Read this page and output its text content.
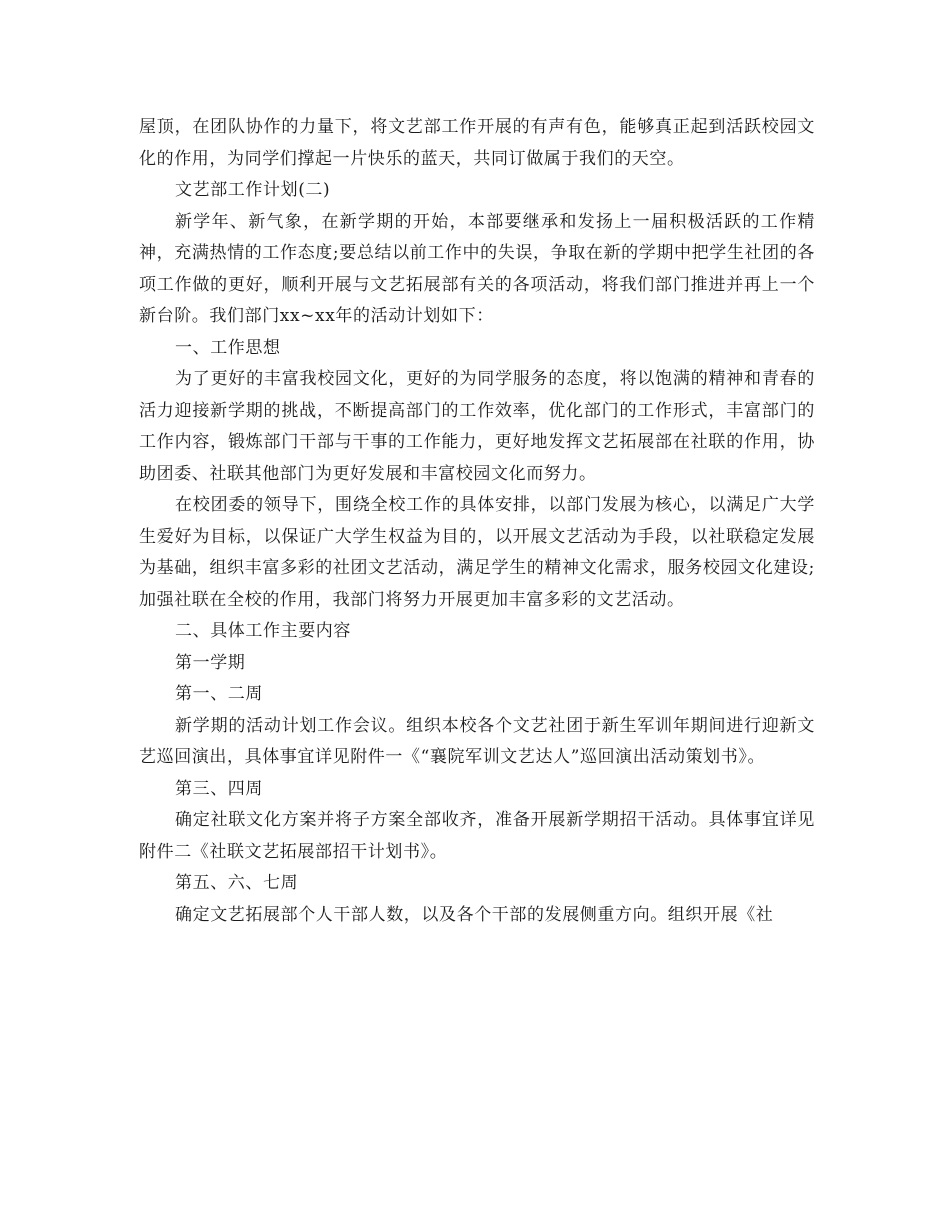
屋顶，在团队协作的力量下，将文艺部工作开展的有声有色，能够真正起到活跃校园文化的作用，为同学们撑起一片快乐的蓝天，共同订做属于我们的天空。

文艺部工作计划(二)

新学年、新气象，在新学期的开始，本部要继承和发扬上一届积极活跃的工作精神，充满热情的工作态度;要总结以前工作中的失误，争取在新的学期中把学生社团的各项工作做的更好，顺利开展与文艺拓展部有关的各项活动，将我们部门推进并再上一个新台阶。我们部门xx~xx年的活动计划如下：

一、工作思想

为了更好的丰富我校园文化，更好的为同学服务的态度，将以饱满的精神和青春的活力迎接新学期的挑战，不断提高部门的工作效率，优化部门的工作形式，丰富部门的工作内容，锻炼部门干部与干事的工作能力，更好地发挥文艺拓展部在社联的作用，协助团委、社联其他部门为更好发展和丰富校园文化而努力。

在校团委的领导下，围绕全校工作的具体安排，以部门发展为核心，以满足广大学生爱好为目标，以保证广大学生权益为目的，以开展文艺活动为手段，以社联稳定发展为基础，组织丰富多彩的社团文艺活动，满足学生的精神文化需求，服务校园文化建设;加强社联在全校的作用，我部门将努力开展更加丰富多彩的文艺活动。

二、具体工作主要内容

第一学期

第一、二周

新学期的活动计划工作会议。组织本校各个文艺社团于新生军训年期间进行迎新文艺巡回演出，具体事宜详见附件一《“襄院军训文艺达人”巡回演出活动策划书》。

第三、四周

确定社联文化方案并将子方案全部收齐，准备开展新学期招干活动。具体事宜详见附件二《社联文艺拓展部招干计划书》。

第五、六、七周

确定文艺拓展部个人干部人数，以及各个干部的发展侧重方向。组织开展《社
